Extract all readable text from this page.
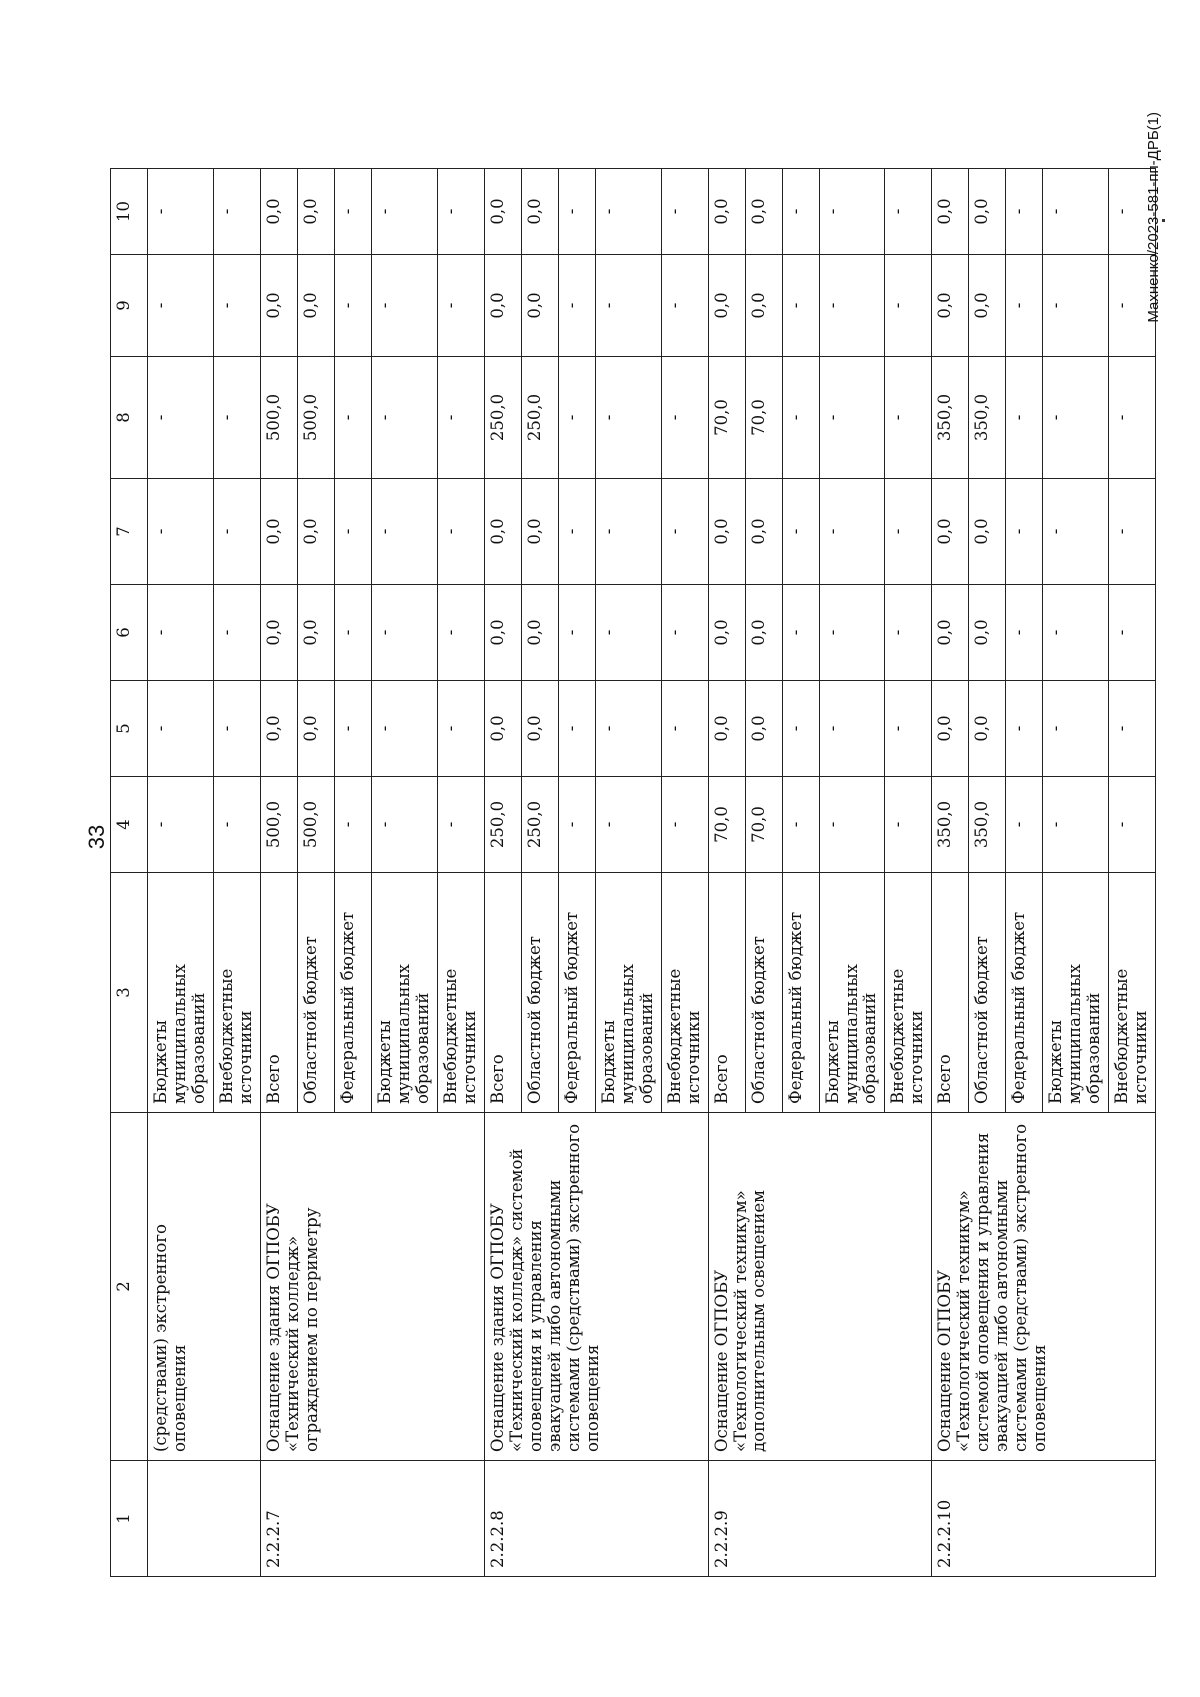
33
1	2	3	4	5	6	7	8	9	10
	(средствами) экстренного оповещения	Бюджеты муниципальных образований	-	-	-	-	-	-	-
		Внебюджетные источники	-	-	-	-	-	-	-
2.2.2.7	Оснащение здания ОГПОБУ «Технический колледж» ограждением по периметру	Всего	500,0	0,0	0,0	0,0	500,0	0,0	0,0
		Областной бюджет	500,0	0,0	0,0	0,0	500,0	0,0	0,0
		Федеральный бюджет	-	-	-	-	-	-	-
		Бюджеты муниципальных образований	-	-	-	-	-	-	-
		Внебюджетные источники	-	-	-	-	-	-	-
2.2.2.8	Оснащение здания ОГПОБУ «Технический колледж» системой оповещения и управления эвакуацией либо автономными системами (средствами) экстренного оповещения	Всего	250,0	0,0	0,0	0,0	250,0	0,0	0,0
		Областной бюджет	250,0	0,0	0,0	0,0	250,0	0,0	0,0
		Федеральный бюджет	-	-	-	-	-	-	-
		Бюджеты муниципальных образований	-	-	-	-	-	-	-
		Внебюджетные источники	-	-	-	-	-	-	-
2.2.2.9	Оснащение ОГПОБУ «Технологический техникум» дополнительным освещением	Всего	70,0	0,0	0,0	0,0	70,0	0,0	0,0
		Областной бюджет	70,0	0,0	0,0	0,0	70,0	0,0	0,0
		Федеральный бюджет	-	-	-	-	-	-	-
		Бюджеты муниципальных образований	-	-	-	-	-	-	-
		Внебюджетные источники	-	-	-	-	-	-	-
2.2.2.10	Оснащение ОГПОБУ «Технологический техникум» системой оповещения и управления эвакуацией либо автономными системами (средствами) экстренного оповещения	Всего	350,0	0,0	0,0	0,0	350,0	0,0	0,0
		Областной бюджет	350,0	0,0	0,0	0,0	350,0	0,0	0,0
		Федеральный бюджет	-	-	-	-	-	-	-
		Бюджеты муниципальных образований	-	-	-	-	-	-	-
		Внебюджетные источники	-	-	-	-	-	-	- Махненко/2023-581-пп-ДРБ(1)
